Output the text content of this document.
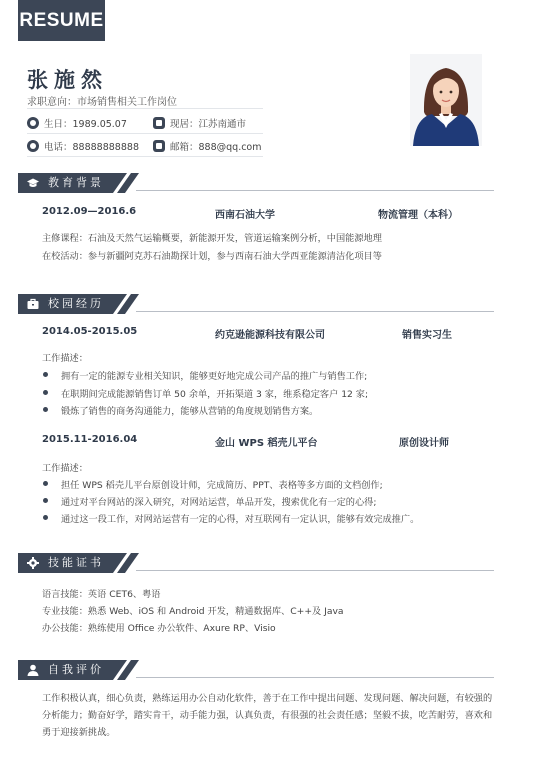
RESUME
张施然
求职意向：市场销售相关工作岗位
生日：1989.05.07	现居：江苏南通市
电话：88888888888	邮箱：888@qq.com
教育背景
2012.09—2016.6	西南石油大学	物流管理（本科）
主修课程：石油及天然气运输概要，新能源开发，管道运输案例分析，中国能源地理
在校活动：参与新疆阿克苏石油勘探计划，参与西南石油大学西亚能源清洁化项目等
校园经历
2014.05-2015.05	约克逊能源科技有限公司	销售实习生
工作描述：
拥有一定的能源专业相关知识，能够更好地完成公司产品的推广与销售工作;
在职期间完成能源销售订单 50 余单，开拓渠道 3 家，维系稳定客户 12 家;
锻炼了销售的商务沟通能力，能够从营销的角度规划销售方案。
2015.11-2016.04	金山 WPS 稻壳儿平台	原创设计师
工作描述：
担任 WPS 稻壳儿平台原创设计师，完成简历、PPT、表格等多方面的文档创作;
通过对平台网站的深入研究，对网站运营，单品开发，搜索优化有一定的心得;
通过这一段工作，对网站运营有一定的心得，对互联网有一定认识，能够有效完成推广。
技能证书
语言技能：英语 CET6、粤语
专业技能：熟悉 Web、iOS 和 Android 开发，精通数据库、C++及 Java
办公技能：熟练使用 Office 办公软件、Axure RP、Visio
自我评价
工作积极认真，细心负责，熟练运用办公自动化软件，善于在工作中提出问题、发现问题、解决问题，有较强的分析能力；勤奋好学，踏实肯干，动手能力强，认真负责，有很强的社会责任感；坚毅不拔，吃苦耐劳，喜欢和勇于迎接新挑战。
